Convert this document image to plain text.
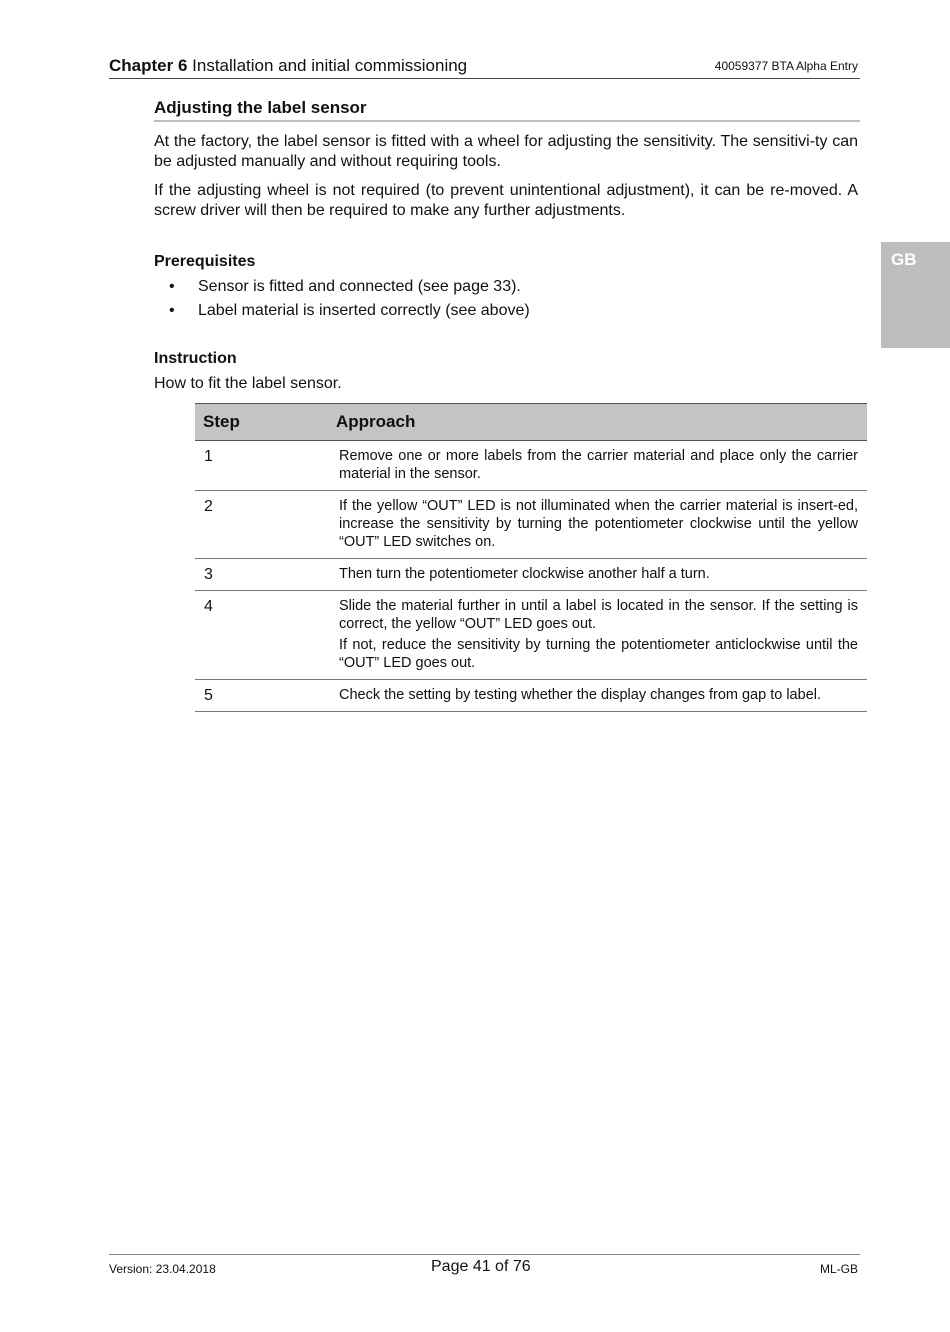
Chapter 6 Installation and initial commissioning	40059377 BTA Alpha Entry
GB
Adjusting the label sensor

At the factory, the label sensor is fitted with a wheel for adjusting the sensitivity. The sensitivi-ty can be adjusted manually and without requiring tools.

If the adjusting wheel is not required (to prevent unintentional adjustment), it can be re-moved. A screw driver will then be required to make any further adjustments.

Prerequisites

• Sensor is fitted and connected (see page 33).
• Label material is inserted correctly (see above)

Instruction

How to fit the label sensor.

Step	Approach
1	Remove one or more labels from the carrier material and place only the carrier material in the sensor.

2	If the yellow “OUT” LED is not illuminated when the carrier material is insert-ed, increase the sensitivity by turning the potentiometer clockwise until the yellow “OUT” LED switches on.

3	Then turn the potentiometer clockwise another half a turn.

4	Slide the material further in until a label is located in the sensor. If the setting is correct, the yellow “OUT” LED goes out.

If not, reduce the sensitivity by turning the potentiometer anticlockwise until the “OUT” LED goes out.

5	Check the setting by testing whether the display changes from gap to label.

Version: 23.04.2018	Page 41 of 76	ML-GB
